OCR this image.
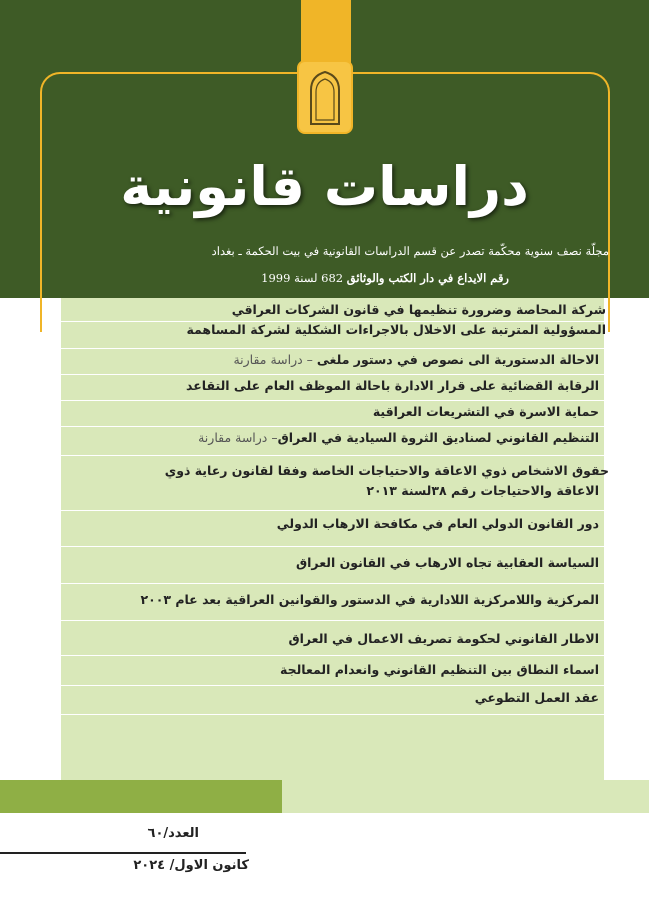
دراسات قانونية
مجلّة نصف سنوية محكّمة تصدر عن قسم الدراسات القانونية في بيت الحكمة ـ بغداد
رقم الايداع في دار الكتب والوثائق 682 لسنة 1999
شركة المحاصة وضرورة تنظيمها في قانون الشركات العراقي
المسؤولية المترتبة على الاخلال بالاجراءات الشكلية لشركة المساهمة
الاحالة الدستورية الى نصوص في دستور ملغى – دراسة مقارنة
الرقابة القضائية على قرار الادارة باحالة الموظف العام على التقاعد
حماية الاسرة في التشريعات العراقية
التنظيم القانوني لصناديق الثروة السيادية في العراق– دراسة مقارنة
حقوق الاشخاص ذوي الاعاقة والاحتياجات الخاصة وفقا لقانون رعاية ذوي
الاعاقة والاحتياجات رقم ٣٨لسنة ٢٠١٣
دور القانون الدولي العام في مكافحة الارهاب الدولي
السياسة العقابية تجاه الارهاب في القانون العراق
المركزية واللامركزية اللادارية في الدستور والقوانين العراقية بعد عام ٢٠٠٣
الاطار القانوني لحكومة تصريف الاعمال في العراق
اسماء النطاق بين التنظيم القانوني وانعدام المعالجة
عقد العمل التطوعي
العدد/٦٠
كانون الاول/ ٢٠٢٤
